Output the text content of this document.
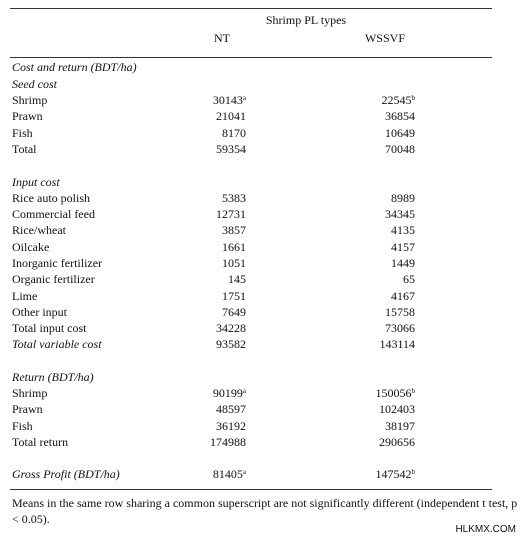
Shrimp PL types
NT	WSSVF
Cost and return (BDT/ha)
Seed cost
Shrimp	30143$^a$	22545$^b$
Prawn	21041	36854
Fish	8170	10649
Total	59354	70048
Input cost
Rice auto polish	5383	8989
Commercial feed	12731	34345
Rice/wheat	3857	4135
Oilcake	1661	4157
Inorganic fertilizer	1051	1449
Organic fertilizer	145	65
Lime	1751	4167
Other input	7649	15758
Total input cost	34228	73066
Total variable cost	93582	143114
Return (BDT/ha)
Shrimp	90199$^a$	150056$^b$
Prawn	48597	102403
Fish	36192	38197
Total return	174988	290656
Gross Profit (BDT/ha)	81405$^a$	147542$^b$
Means in the same row sharing a common superscript are not significantly different (independent t test, p < 0.05).
HLKMX.COM
